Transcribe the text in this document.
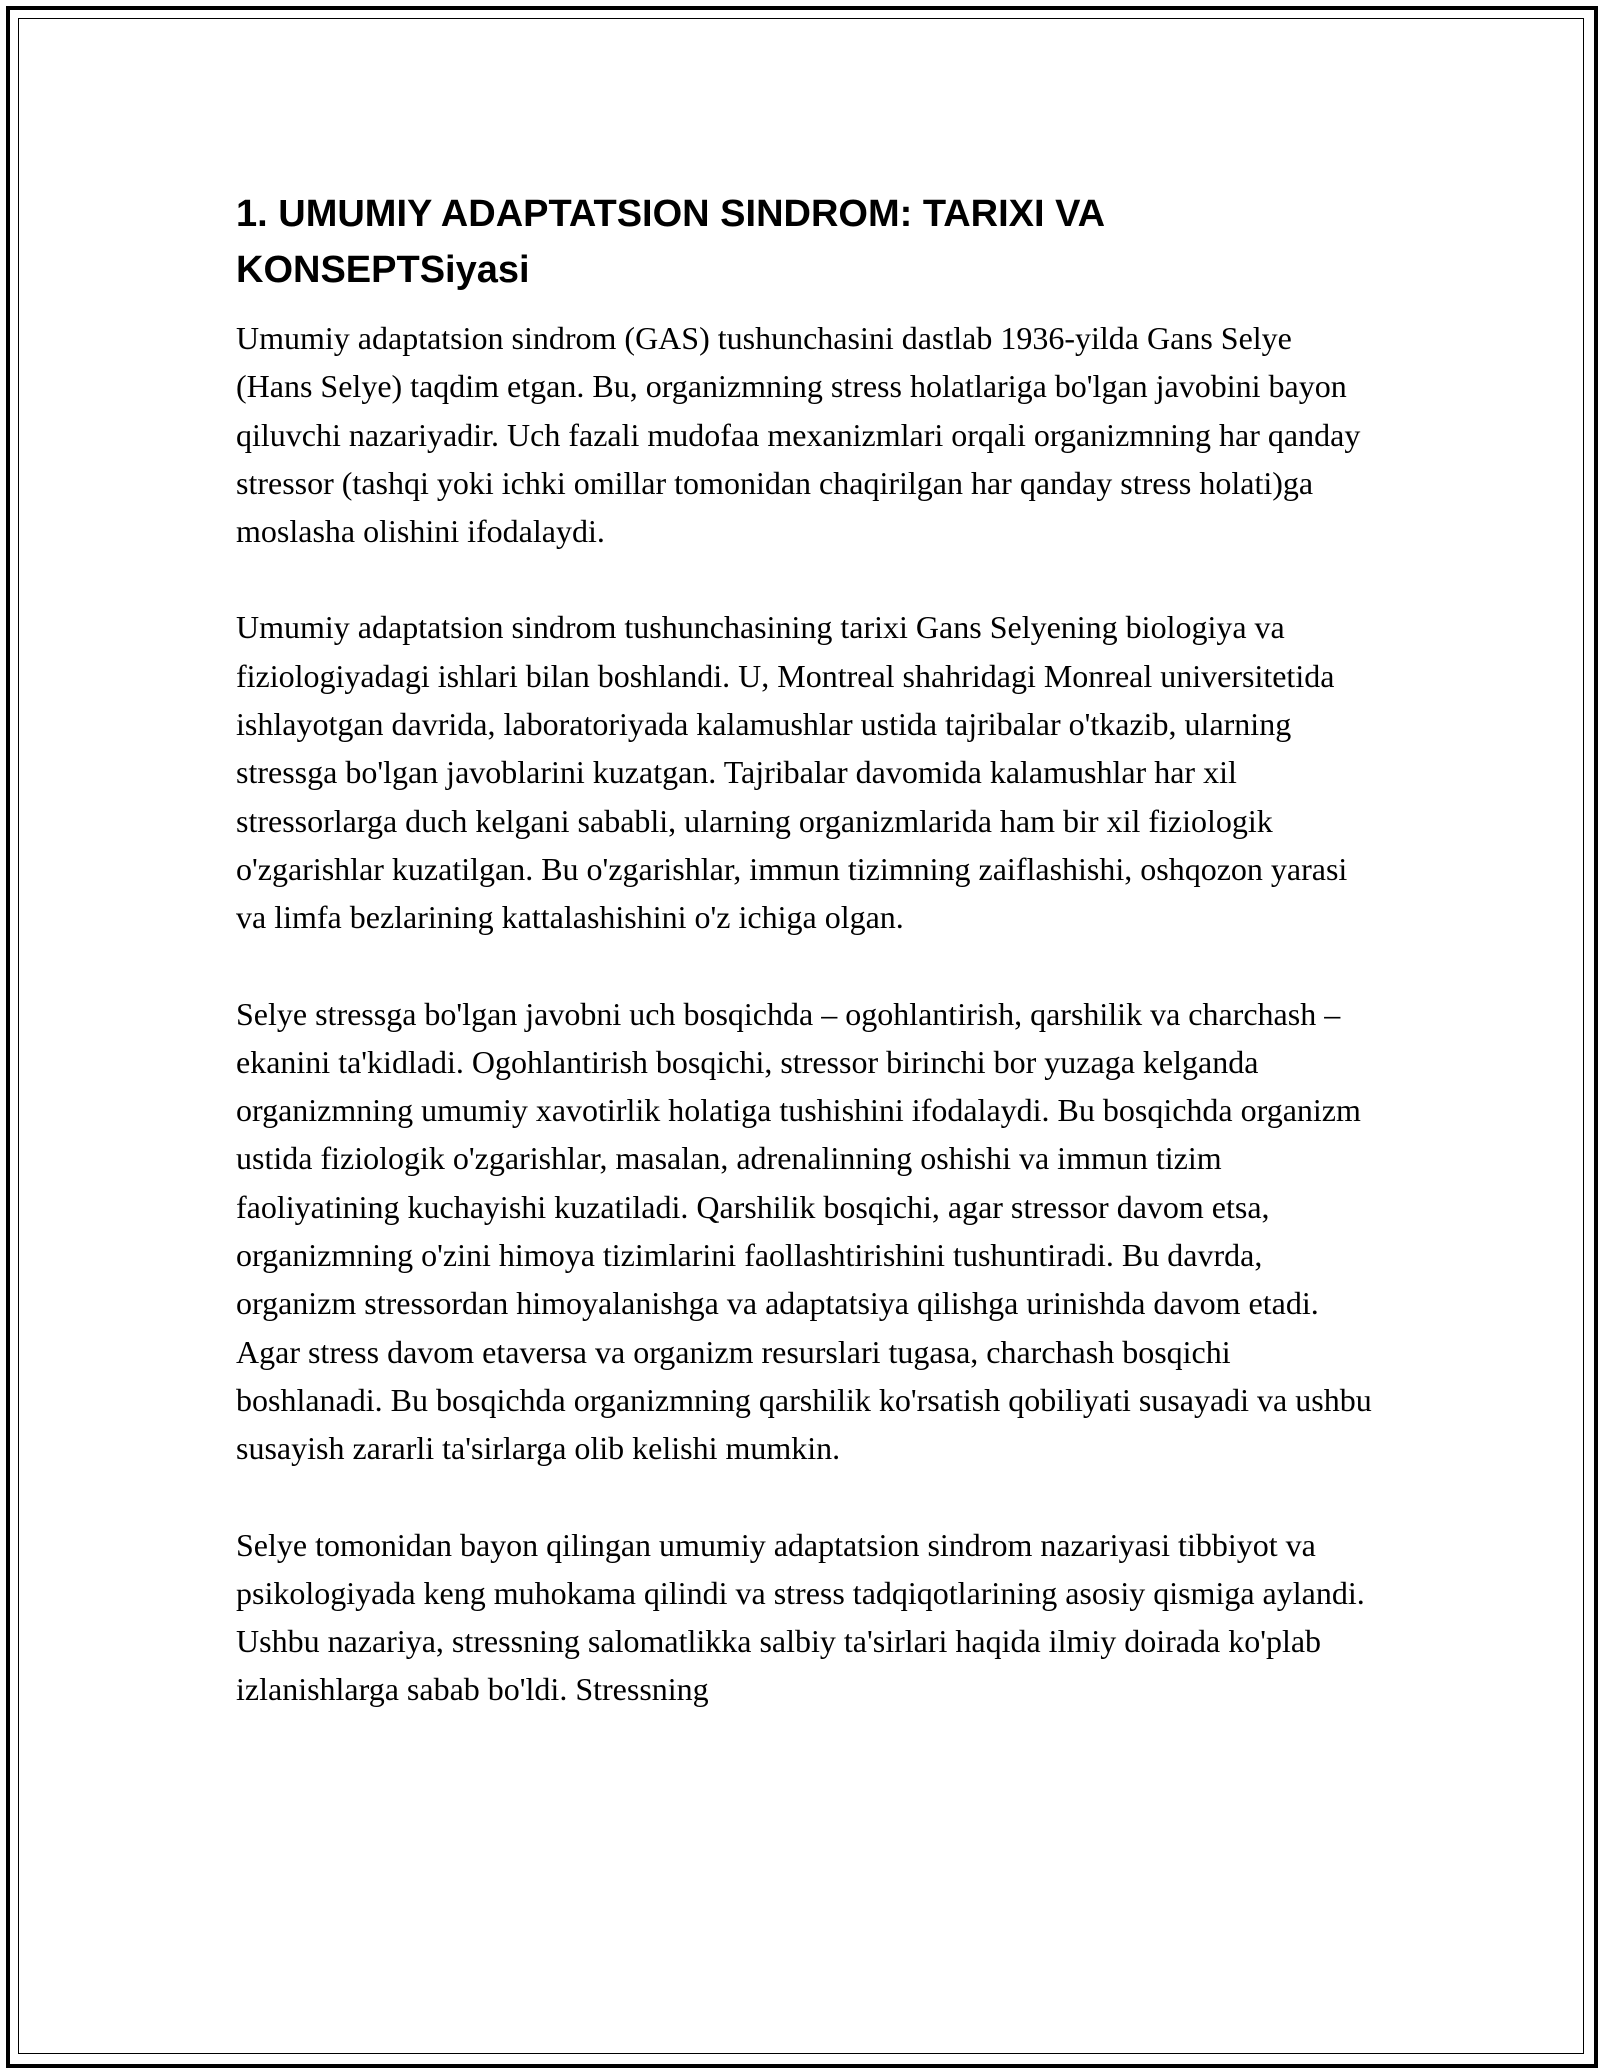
1. UMUMIY ADAPTATSION SINDROM: TARIXI VA KONSEPTSiyasi

Umumiy adaptatsion sindrom (GAS) tushunchasini dastlab 1936-yilda Gans Selye (Hans Selye) taqdim etgan. Bu, organizmning stress holatlariga bo'lgan javobini bayon qiluvchi nazariyadir. Uch fazali mudofaa mexanizmlari orqali organizmning har qanday stressor (tashqi yoki ichki omillar tomonidan chaqirilgan har qanday stress holati)ga moslasha olishini ifodalaydi.

Umumiy adaptatsion sindrom tushunchasining tarixi Gans Selyening biologiya va fiziologiyadagi ishlari bilan boshlandi. U, Montreal shahridagi Monreal universitetida ishlayotgan davrida, laboratoriyada kalamushlar ustida tajribalar o'tkazib, ularning stressga bo'lgan javoblarini kuzatgan. Tajribalar davomida kalamushlar har xil stressorlarga duch kelgani sababli, ularning organizmlarida ham bir xil fiziologik o'zgarishlar kuzatilgan. Bu o'zgarishlar, immun tizimning zaiflashishi, oshqozon yarasi va limfa bezlarining kattalashishini o'z ichiga olgan.

Selye stressga bo'lgan javobni uch bosqichda – ogohlantirish, qarshilik va charchash – ekanini ta'kidladi. Ogohlantirish bosqichi, stressor birinchi bor yuzaga kelganda organizmning umumiy xavotirlik holatiga tushishini ifodalaydi. Bu bosqichda organizm ustida fiziologik o'zgarishlar, masalan, adrenalinning oshishi va immun tizim faoliyatining kuchayishi kuzatiladi. Qarshilik bosqichi, agar stressor davom etsa, organizmning o'zini himoya tizimlarini faollashtirishini tushuntiradi. Bu davrda, organizm stressordan himoyalanishga va adaptatsiya qilishga urinishda davom etadi. Agar stress davom etaversa va organizm resurslari tugasa, charchash bosqichi boshlanadi. Bu bosqichda organizmning qarshilik ko'rsatish qobiliyati susayadi va ushbu susayish zararli ta'sirlarga olib kelishi mumkin.

Selye tomonidan bayon qilingan umumiy adaptatsion sindrom nazariyasi tibbiyot va psikologiyada keng muhokama qilindi va stress tadqiqotlarining asosiy qismiga aylandi. Ushbu nazariya, stressning salomatlikka salbiy ta'sirlari haqida ilmiy doirada ko'plab izlanishlarga sabab bo'ldi. Stressning
